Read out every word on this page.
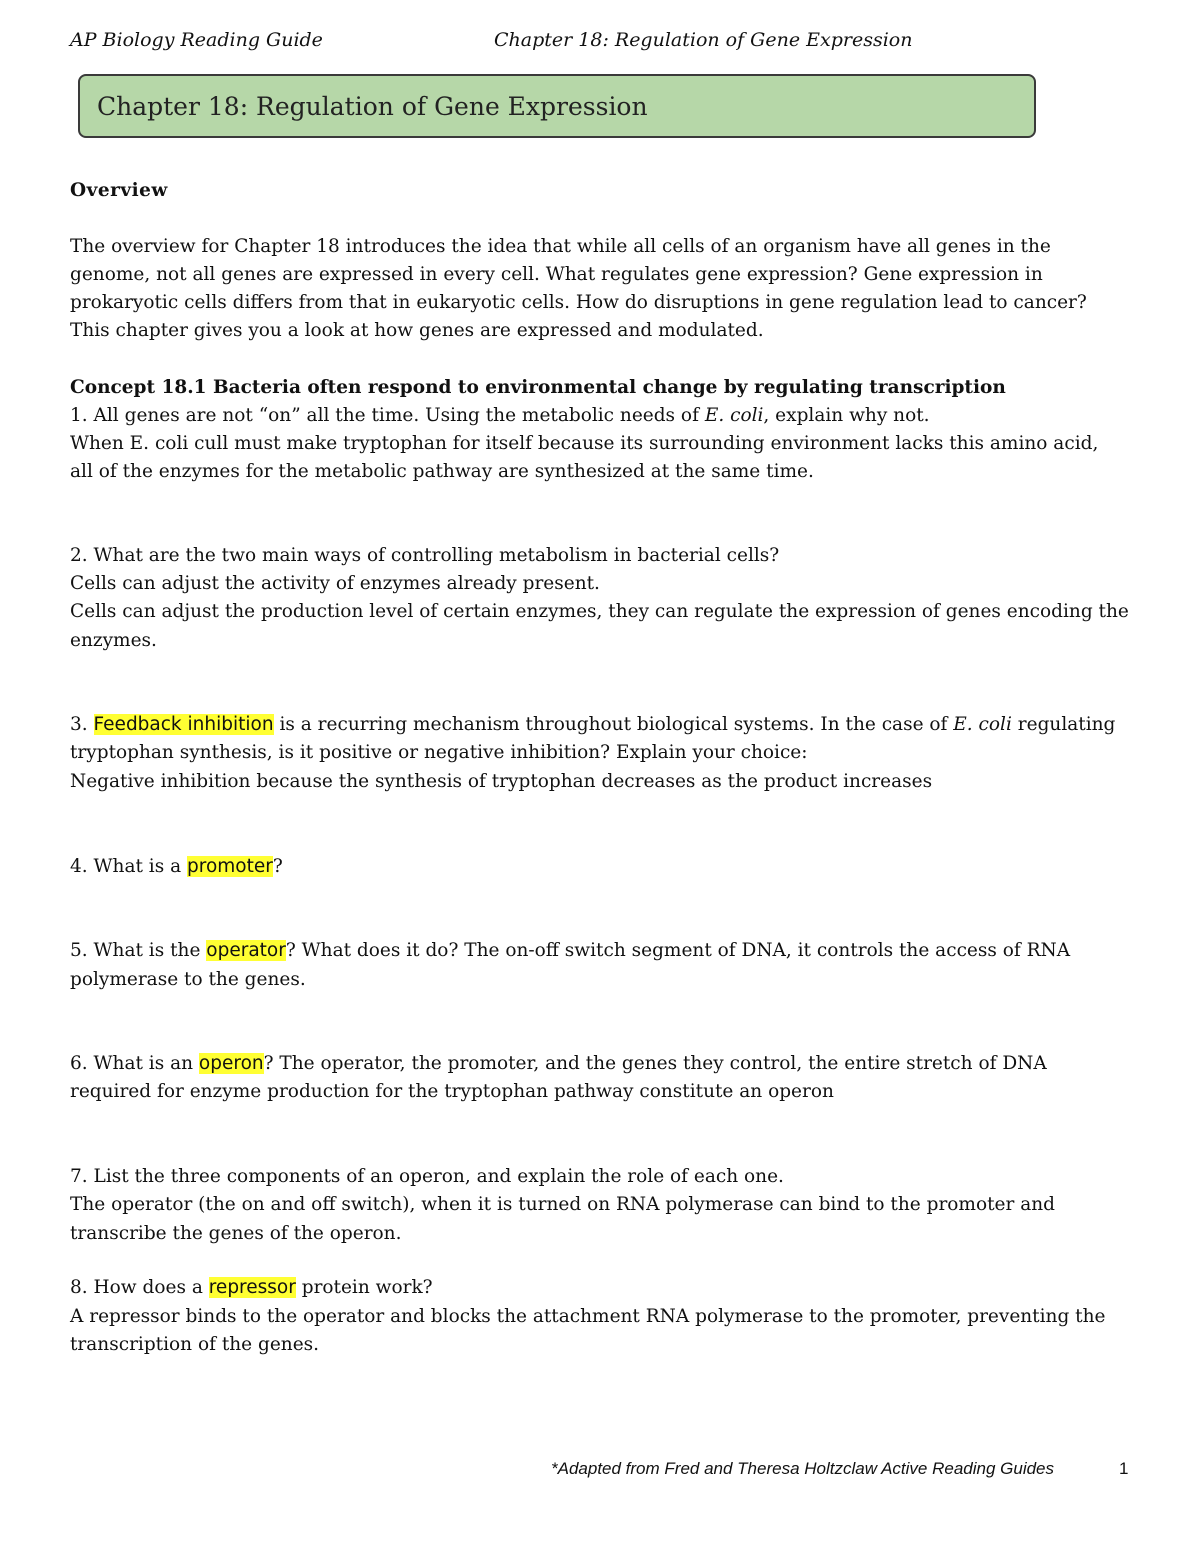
AP Biology Reading Guide	Chapter 18: Regulation of Gene Expression
Chapter 18: Regulation of Gene Expression
Overview
The overview for Chapter 18 introduces the idea that while all cells of an organism have all genes in the
genome, not all genes are expressed in every cell. What regulates gene expression? Gene expression in
prokaryotic cells differs from that in eukaryotic cells. How do disruptions in gene regulation lead to cancer?
This chapter gives you a look at how genes are expressed and modulated.
Concept 18.1 Bacteria often respond to environmental change by regulating transcription
1. All genes are not “on” all the time. Using the metabolic needs of E. coli, explain why not.
When E. coli cull must make tryptophan for itself because its surrounding environment lacks this amino acid,
all of the enzymes for the metabolic pathway are synthesized at the same time.
2. What are the two main ways of controlling metabolism in bacterial cells?
Cells can adjust the activity of enzymes already present.
Cells can adjust the production level of certain enzymes, they can regulate the expression of genes encoding the
enzymes.
3. Feedback inhibition is a recurring mechanism throughout biological systems. In the case of E. coli regulating
tryptophan synthesis, is it positive or negative inhibition? Explain your choice:
Negative inhibition because the synthesis of tryptophan decreases as the product increases
4. What is a promoter?
5. What is the operator? What does it do? The on-off switch segment of DNA, it controls the access of RNA
polymerase to the genes.
6. What is an operon? The operator, the promoter, and the genes they control, the entire stretch of DNA
required for enzyme production for the tryptophan pathway constitute an operon
7. List the three components of an operon, and explain the role of each one.
The operator (the on and off switch), when it is turned on RNA polymerase can bind to the promoter and
transcribe the genes of the operon.
8. How does a repressor protein work?
A repressor binds to the operator and blocks the attachment RNA polymerase to the promoter, preventing the
transcription of the genes.
*Adapted from Fred and Theresa Holtzclaw Active Reading Guides	1
